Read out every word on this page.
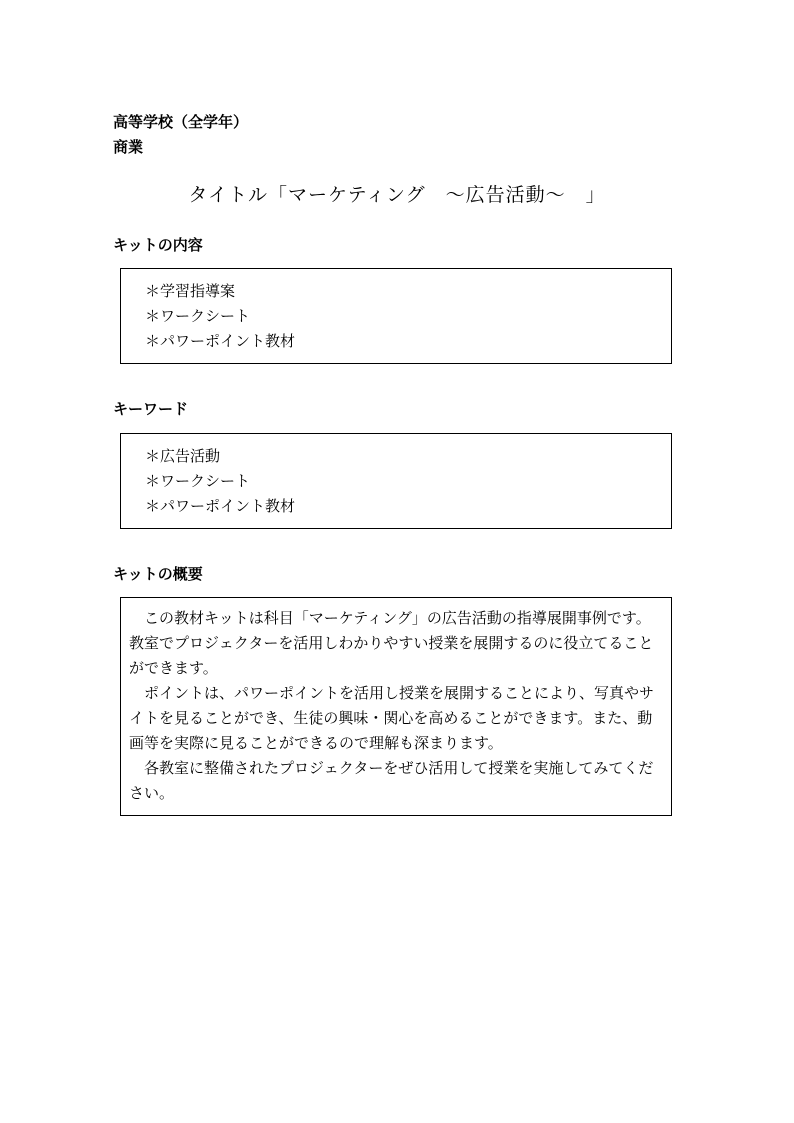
高等学校（全学年）
商業
タイトル「マーケティング　～広告活動～　」
キットの内容
＊学習指導案
＊ワークシート
＊パワーポイント教材
キーワード
＊広告活動
＊ワークシート
＊パワーポイント教材
キットの概要

この教材キットは科目「マーケティング」の広告活動の指導展開事例です。教室でプロジェクターを活用しわかりやすい授業を展開するのに役立てることができます。

ポイントは、パワーポイントを活用し授業を展開することにより、写真やサイトを見ることができ、生徒の興味・関心を高めることができます。また、動画等を実際に見ることができるので理解も深まります。

各教室に整備されたプロジェクターをぜひ活用して授業を実施してみてください。
